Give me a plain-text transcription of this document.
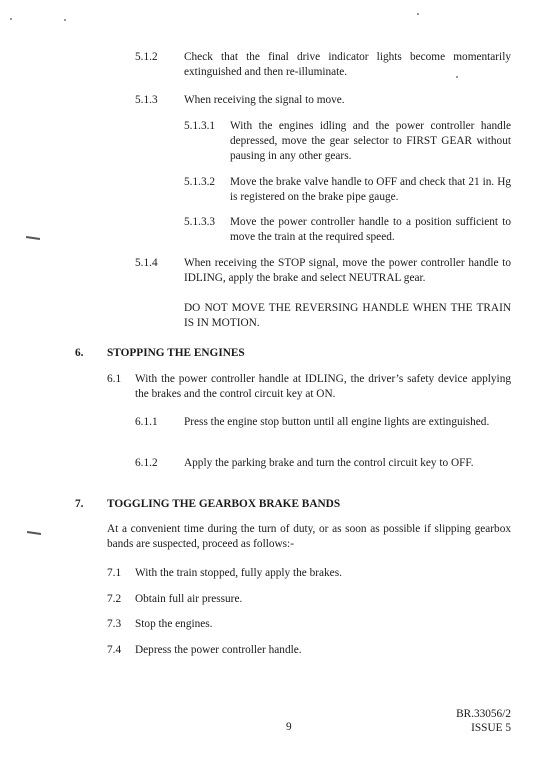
5.1.2 Check that the final drive indicator lights become momentarily extinguished and then re-illuminate.
5.1.3 When receiving the signal to move.
5.1.3.1 With the engines idling and the power controller handle depressed, move the gear selector to FIRST GEAR without pausing in any other gears.
5.1.3.2 Move the brake valve handle to OFF and check that 21 in. Hg is registered on the brake pipe gauge.
5.1.3.3 Move the power controller handle to a position sufficient to move the train at the required speed.
5.1.4 When receiving the STOP signal, move the power controller handle to IDLING, apply the brake and select NEUTRAL gear.
DO NOT MOVE THE REVERSING HANDLE WHEN THE TRAIN IS IN MOTION.
6. STOPPING THE ENGINES
6.1 With the power controller handle at IDLING, the driver’s safety device applying the brakes and the control circuit key at ON.
6.1.1 Press the engine stop button until all engine lights are extinguished.
6.1.2 Apply the parking brake and turn the control circuit key to OFF.
7. TOGGLING THE GEARBOX BRAKE BANDS
At a convenient time during the turn of duty, or as soon as possible if slipping gearbox bands are suspected, proceed as follows:-
7.1 With the train stopped, fully apply the brakes.
7.2 Obtain full air pressure.
7.3 Stop the engines.
7.4 Depress the power controller handle.
9
BR.33056/2
ISSUE 5
